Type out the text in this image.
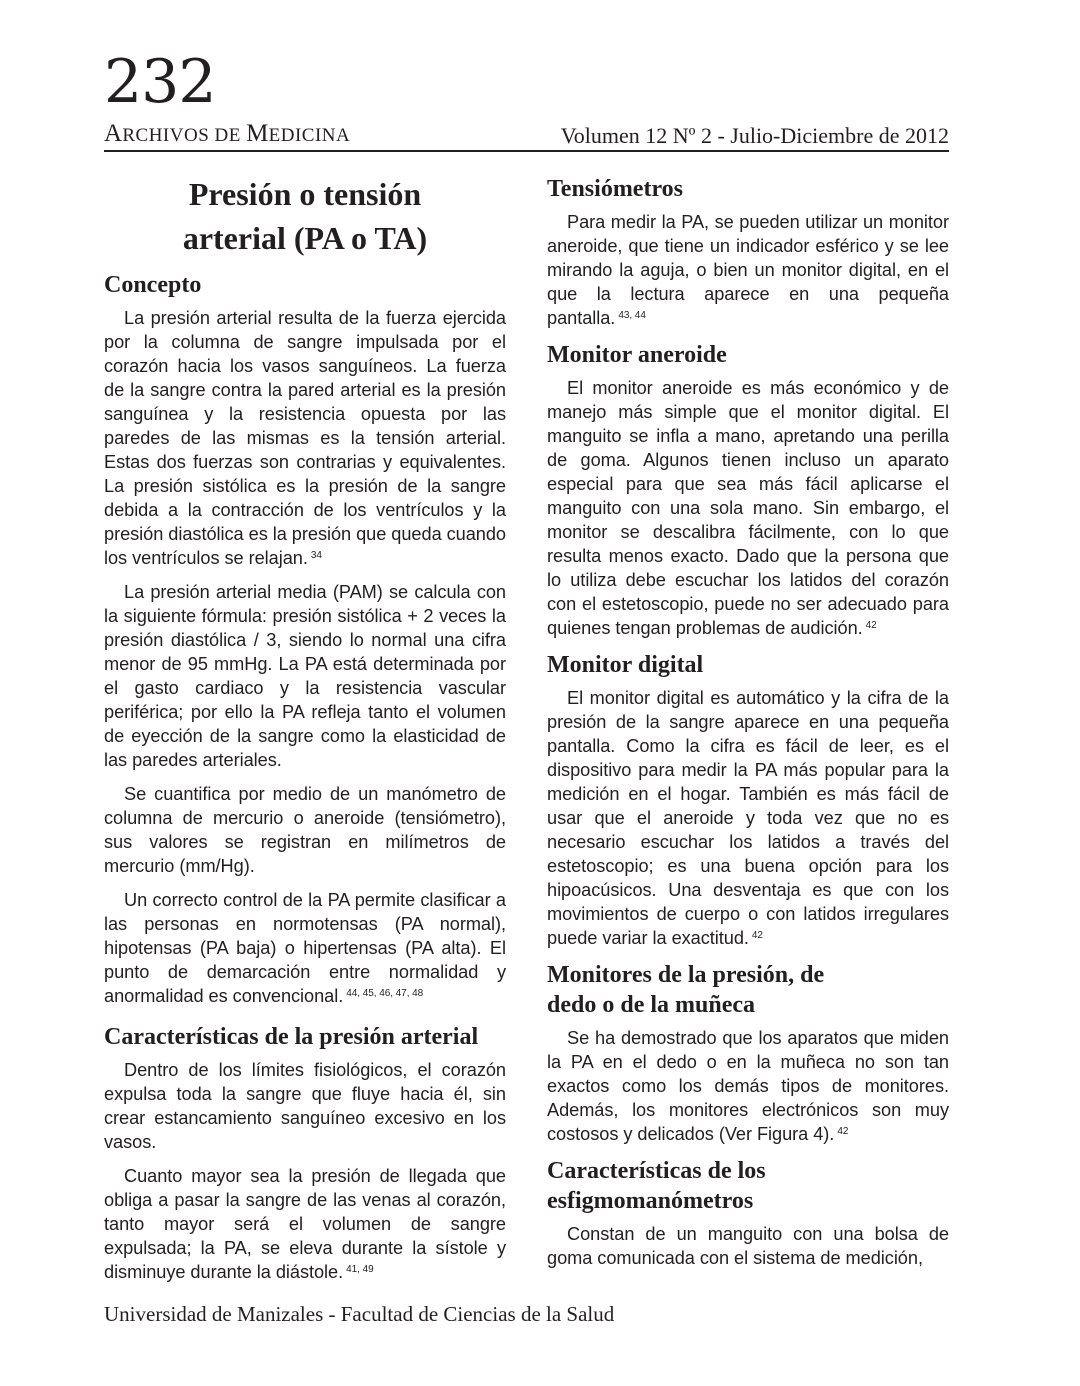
232
ARCHIVOS DE MEDICINA	Volumen 12 Nº 2 - Julio-Diciembre de 2012
Presión o tensión
arterial (PA o TA)
Concepto

La presión arterial resulta de la fuerza ejercida por la columna de sangre impulsada por el corazón hacia los vasos sanguíneos. La fuerza de la sangre contra la pared arterial es la presión sanguínea y la resistencia opuesta por las paredes de las mismas es la tensión arterial. Estas dos fuerzas son contrarias y equivalentes. La presión sistólica es la presión de la sangre debida a la contracción de los ventrículos y la presión diastólica es la presión que queda cuando los ventrículos se relajan. $^{34}$

La presión arterial media (PAM) se calcula con la siguiente fórmula: presión sistólica + 2 veces la presión diastólica / 3, siendo lo normal una cifra menor de 95 mmHg. La PA está determinada por el gasto cardiaco y la resistencia vascular periférica; por ello la PA refleja tanto el volumen de eyección de la sangre como la elasticidad de las paredes arteriales.

Se cuantifica por medio de un manómetro de columna de mercurio o aneroide (tensiómetro), sus valores se registran en milímetros de mercurio (mm/Hg).

Un correcto control de la PA permite clasificar a las personas en normotensas (PA normal), hipotensas (PA baja) o hipertensas (PA alta). El punto de demarcación entre normalidad y anormalidad es convencional. $^{44, 45, 46, 47, 48}$

Características de la presión arterial

Dentro de los límites fisiológicos, el corazón expulsa toda la sangre que fluye hacia él, sin crear estancamiento sanguíneo excesivo en los vasos.

Cuanto mayor sea la presión de llegada que obliga a pasar la sangre de las venas al corazón, tanto mayor será el volumen de sangre expulsada; la PA, se eleva durante la sístole y disminuye durante la diástole. $^{41, 49}$

Tensiómetros

Para medir la PA, se pueden utilizar un monitor aneroide, que tiene un indicador esférico y se lee mirando la aguja, o bien un monitor digital, en el que la lectura aparece en una pequeña pantalla. $^{43, 44}$

Monitor aneroide

El monitor aneroide es más económico y de manejo más simple que el monitor digital. El manguito se infla a mano, apretando una perilla de goma. Algunos tienen incluso un aparato especial para que sea más fácil aplicarse el manguito con una sola mano. Sin embargo, el monitor se descalibra fácilmente, con lo que resulta menos exacto. Dado que la persona que lo utiliza debe escuchar los latidos del corazón con el estetoscopio, puede no ser adecuado para quienes tengan problemas de audición. $^{42}$

Monitor digital

El monitor digital es automático y la cifra de la presión de la sangre aparece en una pequeña pantalla. Como la cifra es fácil de leer, es el dispositivo para medir la PA más popular para la medición en el hogar. También es más fácil de usar que el aneroide y toda vez que no es necesario escuchar los latidos a través del estetoscopio; es una buena opción para los hipoacúsicos. Una desventaja es que con los movimientos de cuerpo o con latidos irregulares puede variar la exactitud. $^{42}$

Monitores de la presión, de
dedo o de la muñeca

Se ha demostrado que los aparatos que miden la PA en el dedo o en la muñeca no son tan exactos como los demás tipos de monitores. Además, los monitores electrónicos son muy costosos y delicados (Ver Figura 4). $^{42}$

Características de los
esfigmomanómetros

Constan de un manguito con una bolsa de goma comunicada con el sistema de medición,

Universidad de Manizales - Facultad de Ciencias de la Salud
